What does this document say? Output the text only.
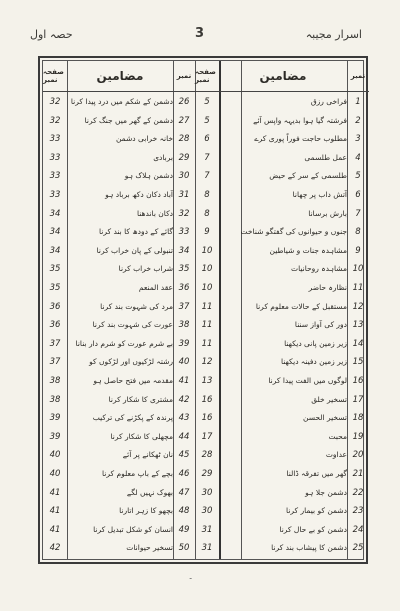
حصہ اول	3	اسرار مجیبہ
صفحہ نمبر	مضامین	نمبر صفحہ نمبر	مضامین	نمبر
32	دشمن کے شکم میں درد پیدا کرنا 26	5	فراخی رزق 1
32	دشمن کے گھر میں جنگ کرنا 27	5	فرشتہ گیا ہوا بدیہہ واپس آئے 2
33	خانہ خرابی دشمن 28	6	مطلوب حاجت فوراً پوری کرے 3
33	بربادی 29	7	عمل طلسمی 4
33	دشمن ہلاک ہو 30	7	طلسمی کے سر کے حیض 5
33	آباد دکان دکھ برباد ہو 31	8	آتش داب پر چھانا 6
34	دکان باندھنا 32	8	بارش برسانا 7
34	گائے کے دودھ کا بند کرنا 33	9	جنوں و حیوانوں کی گفتگو شناخت 8
34	تنبولی کے پان خراب کرنا 34	10	مشاہدہ جنات و شیاطین 9
35	شراب خراب کرنا 35	10	مشاہدہ روحانیات 10
35	عقد المنعم 36	10	نظارہ حاضر 11
36	مرد کی شہوت بند کرنا 37	11	مستقبل کے حالات معلوم کرنا 12
36	عورت کی شہوت بند کرنا 38	11	دور کی آواز سننا 13
37	بے شرم عورت کو شرم دار بنانا 39	11	زیر زمین پانی دیکھنا 14
37	رشتہ لڑکیوں اور لڑکوں کو 40	12	زیر زمین دفینہ دیکھنا 15
38	مقدمہ میں فتح حاصل ہو 41	13	لوگوں میں الفت پیدا کرنا 16
38	مشتری کا شکار کرنا 42	16	تسخیر خلق 17
39	پرندہ کے پکڑنے کی ترکیب 43	16	تسخیر الحسن 18
39	مچھلی کا شکار کرنا 44	17	محبت 19
40	نان ٹھکانے پر آئے 45	28	عداوت 20
40	بچے کے باپ معلوم کرنا 46	29	گھر میں تفرقہ ڈالنا 21
41	بھوک نہیں لگے 47	30	دشمن جلا ہو 22
41	بچھو کا زہر اتارنا 48	30	دشمن کو بیمار کرنا 23
41	انسان کو شکل تبدیل کرنا 49	31	دشمن کو بے حال کرنا 24
42	تسخیر حیوانات 50	31	دشمن کا پیشاب بند کرنا 25
۔
